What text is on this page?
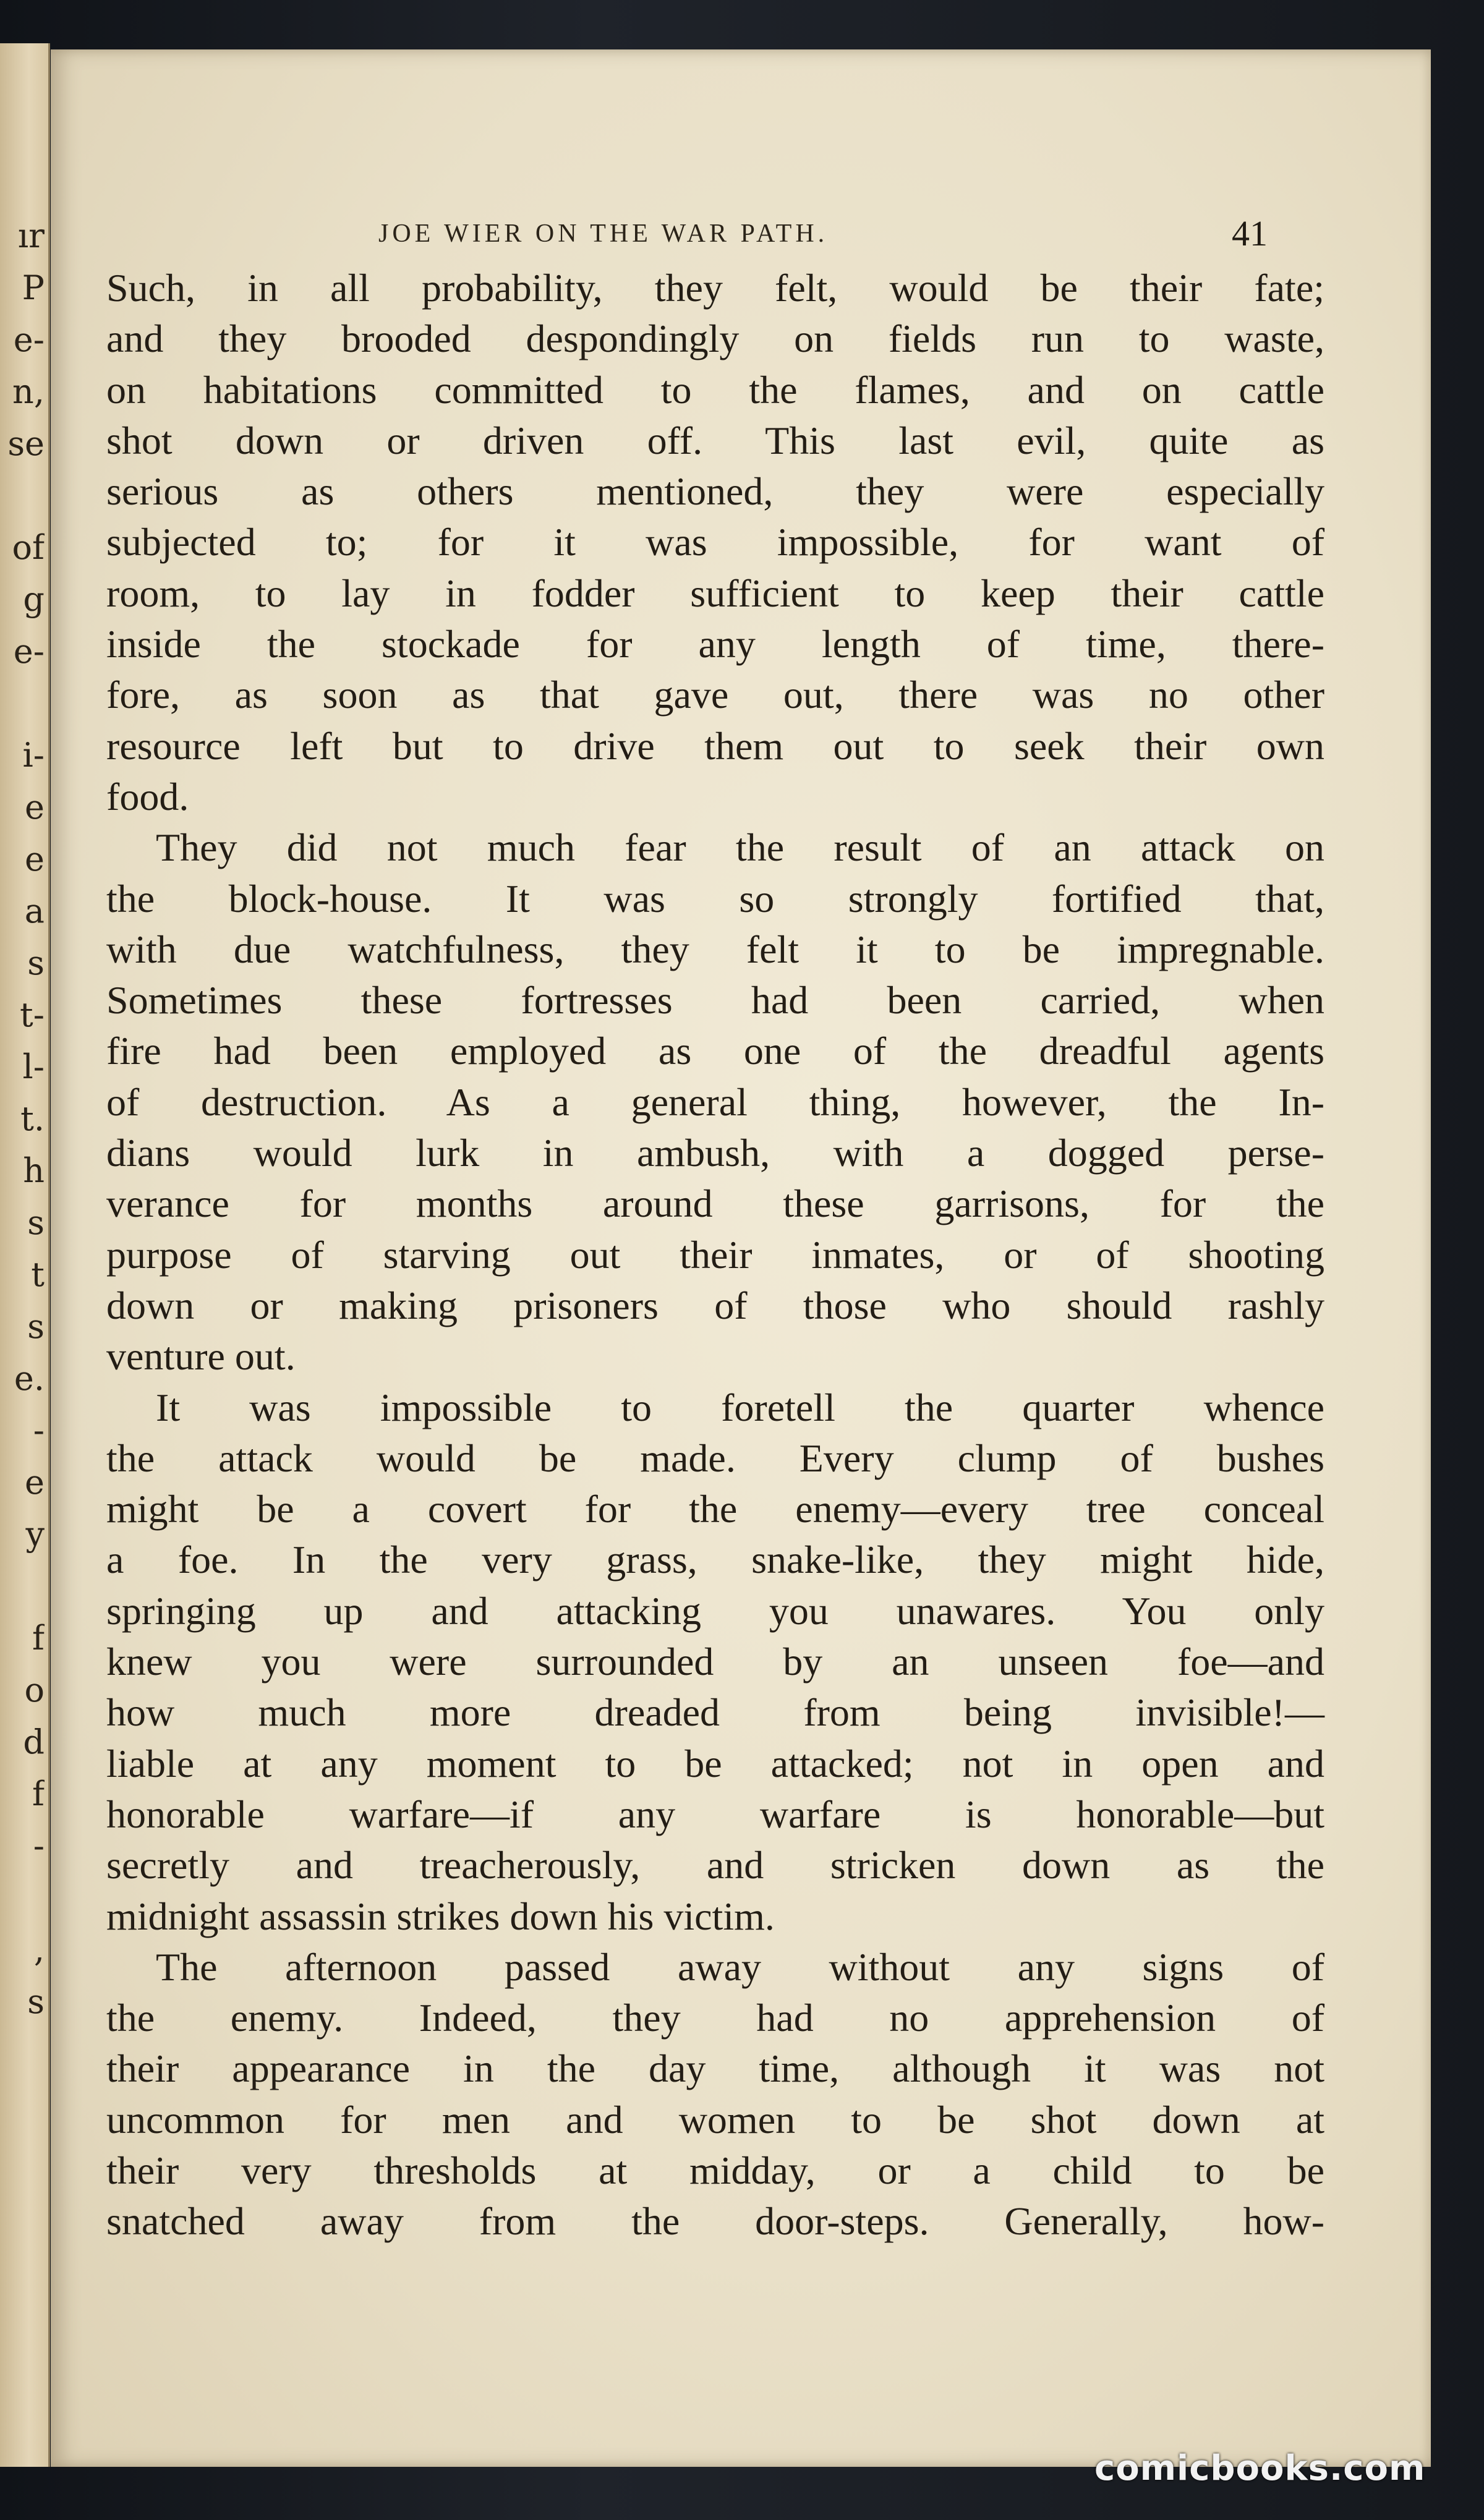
ır
P
e-
n,
se
of
g
e-
i-
e
e
a
s
t-
l-
t.
h
s
t
s
e.
-
e
y
f
o
d
f
-
,
s
JOE WIER ON THE WAR PATH.	41
Such, in all probability, they felt, would be their fate;
and they brooded despondingly on fields run to waste,
on habitations committed to the flames, and on cattle
shot down or driven off. This last evil, quite as
serious as others mentioned, they were especially
subjected to; for it was impossible, for want of
room, to lay in fodder sufficient to keep their cattle
inside the stockade for any length of time, there-
fore, as soon as that gave out, there was no other
resource left but to drive them out to seek their own
food.
They did not much fear the result of an attack on
the block-house. It was so strongly fortified that,
with due watchfulness, they felt it to be impregnable.
Sometimes these fortresses had been carried, when
fire had been employed as one of the dreadful agents
of destruction. As a general thing, however, the In-
dians would lurk in ambush, with a dogged perse-
verance for months around these garrisons, for the
purpose of starving out their inmates, or of shooting
down or making prisoners of those who should rashly
venture out.
It was impossible to foretell the quarter whence
the attack would be made. Every clump of bushes
might be a covert for the enemy—every tree conceal
a foe. In the very grass, snake-like, they might hide,
springing up and attacking you unawares. You only
knew you were surrounded by an unseen foe—and
how much more dreaded from being invisible!—
liable at any moment to be attacked; not in open and
honorable warfare—if any warfare is honorable—but
secretly and treacherously, and stricken down as the
midnight assassin strikes down his victim.
The afternoon passed away without any signs of
the enemy. Indeed, they had no apprehension of
their appearance in the day time, although it was not
uncommon for men and women to be shot down at
their very thresholds at midday, or a child to be
snatched away from the door-steps. Generally, how-
comicbooks.com
